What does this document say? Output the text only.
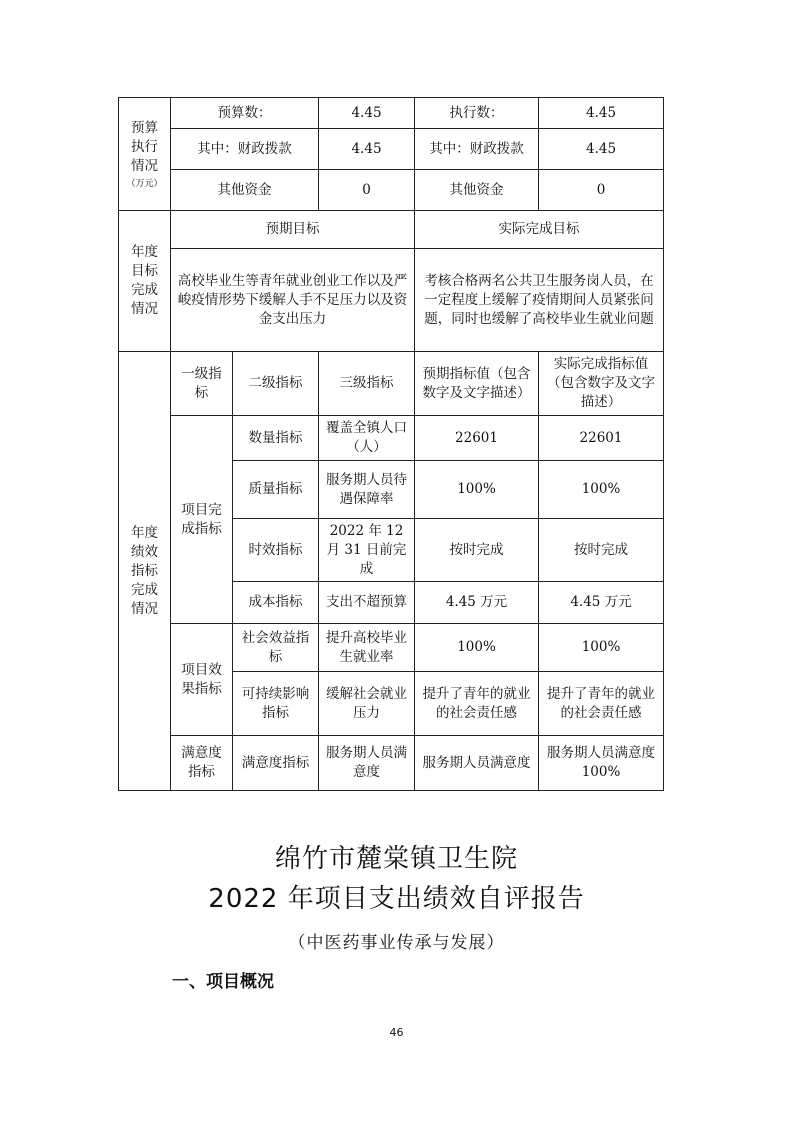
预算执行情况
（万元）	预算数：		4.45	执行数：	4.45
	其中：财政拨款		4.45	其中：财政拨款	4.45
	其他资金		0	其他资金	0

年度目标完成情况	预期目标			实际完成目标	
	高校毕业生等青年就业创业工作以及严峻疫情形势下缓解人手不足压力以及资金支出压力			考核合格两名公共卫生服务岗人员，在一定程度上缓解了疫情期间人员紧张问题，同时也缓解了高校毕业生就业问题	

年度绩效指标完成情况	一级指标	二级指标	三级指标	预期指标值（包含数字及文字描述）	实际完成指标值（包含数字及文字描述）
	项目完成指标	数量指标	覆盖全镇人口（人）	22601	22601
		质量指标	服务期人员待遇保障率	100%	100%
		时效指标	2022 年 12 月 31 日前完成	按时完成	按时完成
		成本指标	支出不超预算	4.45 万元	4.45 万元
	项目效果指标	社会效益指标	提升高校毕业生就业率	100%	100%
		可持续影响指标	缓解社会就业压力	提升了青年的就业的社会责任感	提升了青年的就业的社会责任感
	满意度指标	满意度指标	服务期人员满意度	服务期人员满意度	服务期人员满意度 100%
绵竹市麓棠镇卫生院
2022 年项目支出绩效自评报告
（中医药事业传承与发展）
一、项目概况
46
